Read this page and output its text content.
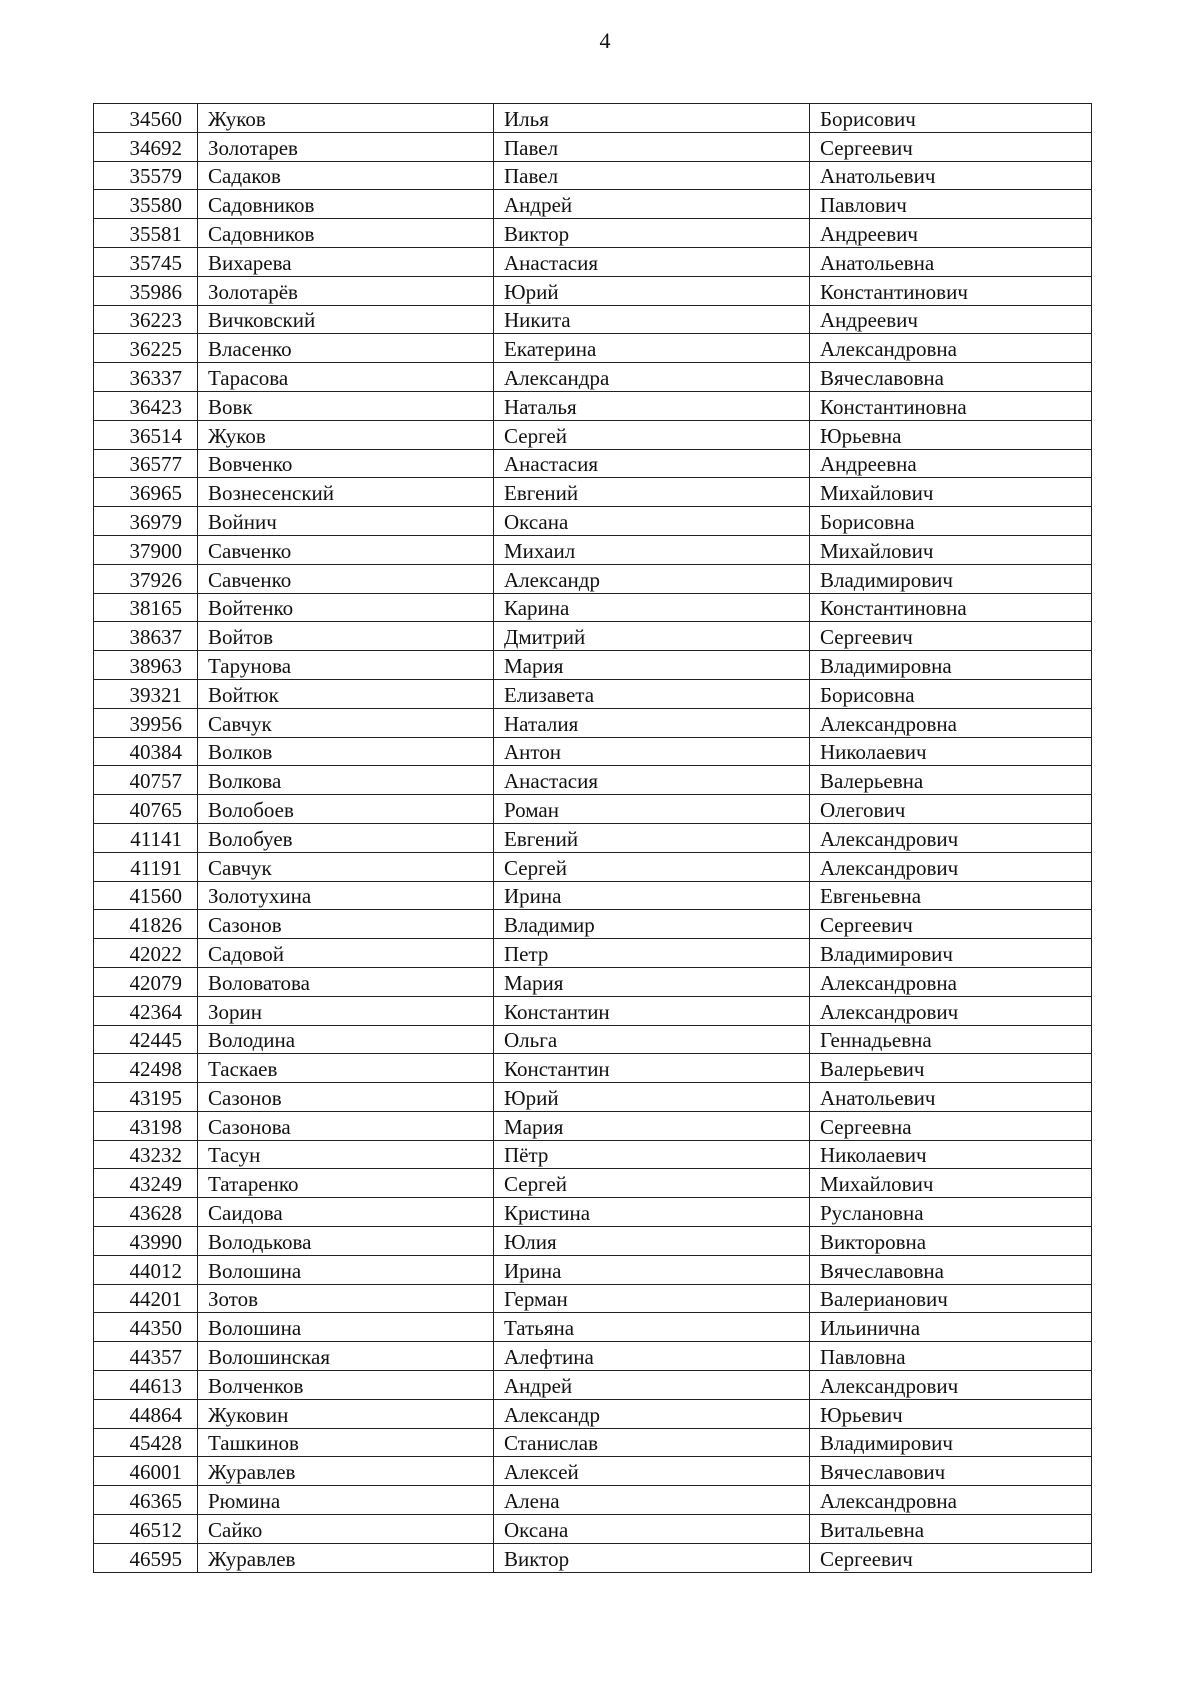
4
34560	Жуков	Илья	Борисович
34692	Золотарев	Павел	Сергеевич
35579	Садаков	Павел	Анатольевич
35580	Садовников	Андрей	Павлович
35581	Садовников	Виктор	Андреевич
35745	Вихарева	Анастасия	Анатольевна
35986	Золотарёв	Юрий	Константинович
36223	Вичковский	Никита	Андреевич
36225	Власенко	Екатерина	Александровна
36337	Тарасова	Александра	Вячеславовна
36423	Вовк	Наталья	Константиновна
36514	Жуков	Сергей	Юрьевна
36577	Вовченко	Анастасия	Андреевна
36965	Вознесенский	Евгений	Михайлович
36979	Войнич	Оксана	Борисовна
37900	Савченко	Михаил	Михайлович
37926	Савченко	Александр	Владимирович
38165	Войтенко	Карина	Константиновна
38637	Войтов	Дмитрий	Сергеевич
38963	Тарунова	Мария	Владимировна
39321	Войтюк	Елизавета	Борисовна
39956	Савчук	Наталия	Александровна
40384	Волков	Антон	Николаевич
40757	Волкова	Анастасия	Валерьевна
40765	Волобоев	Роман	Олегович
41141	Волобуев	Евгений	Александрович
41191	Савчук	Сергей	Александрович
41560	Золотухина	Ирина	Евгеньевна
41826	Сазонов	Владимир	Сергеевич
42022	Садовой	Петр	Владимирович
42079	Воловатова	Мария	Александровна
42364	Зорин	Константин	Александрович
42445	Володина	Ольга	Геннадьевна
42498	Таскаев	Константин	Валерьевич
43195	Сазонов	Юрий	Анатольевич
43198	Сазонова	Мария	Сергеевна
43232	Тасун	Пётр	Николаевич
43249	Татаренко	Сергей	Михайлович
43628	Саидова	Кристина	Руслановна
43990	Володькова	Юлия	Викторовна
44012	Волошина	Ирина	Вячеславовна
44201	Зотов	Герман	Валерианович
44350	Волошина	Татьяна	Ильинична
44357	Волошинская	Алефтина	Павловна
44613	Волченков	Андрей	Александрович
44864	Жуковин	Александр	Юрьевич
45428	Ташкинов	Станислав	Владимирович
46001	Журавлев	Алексей	Вячеславович
46365	Рюмина	Алена	Александровна
46512	Сайко	Оксана	Витальевна
46595	Журавлев	Виктор	Сергеевич
